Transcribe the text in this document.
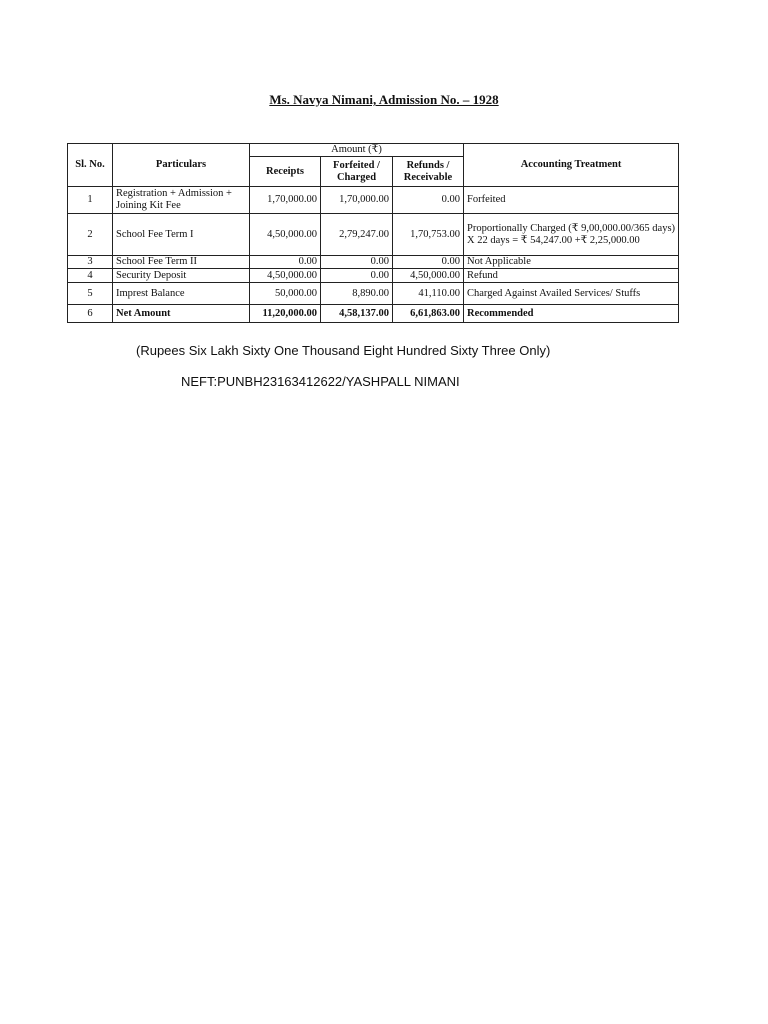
Ms. Navya Nimani, Admission No. – 1928
Sl. No.	Particulars	Amount (₹)			Accounting Treatment
		Receipts	Forfeited / Charged	Refunds / Receivable	
1	Registration + Admission + Joining Kit Fee	1,70,000.00	1,70,000.00	0.00	Forfeited
2	School Fee Term I	4,50,000.00	2,79,247.00	1,70,753.00	Proportionally Charged (₹ 9,00,000.00/365 days) X 22 days = ₹ 54,247.00 +₹ 2,25,000.00
3	School Fee Term II	0.00	0.00	0.00	Not Applicable
4	Security Deposit	4,50,000.00	0.00	4,50,000.00	Refund
5	Imprest Balance	50,000.00	8,890.00	41,110.00	Charged Against Availed Services/ Stuffs
6	Net Amount	11,20,000.00	4,58,137.00	6,61,863.00	Recommended
(Rupees Six Lakh Sixty One Thousand Eight Hundred Sixty Three Only)
NEFT:PUNBH23163412622/YASHPALL NIMANI
